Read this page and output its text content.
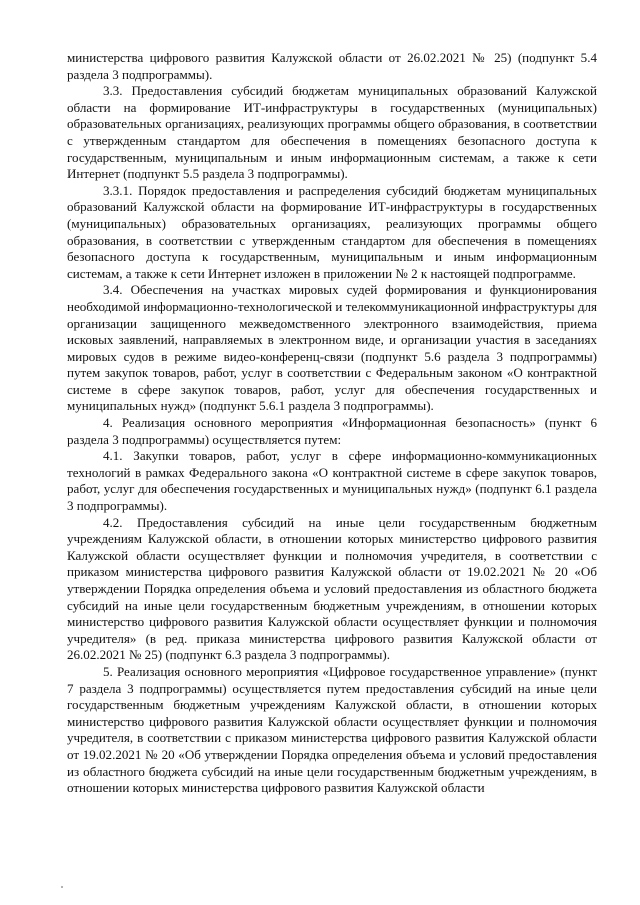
министерства цифрового развития Калужской области от 26.02.2021 № 25) (подпункт 5.4 раздела 3 подпрограммы).

3.3. Предоставления субсидий бюджетам муниципальных образований Калужской области на формирование ИТ-инфраструктуры в государственных (муниципальных) образовательных организациях, реализующих программы общего образования, в соответствии с утвержденным стандартом для обеспечения в помещениях безопасного доступа к государственным, муниципальным и иным информационным системам, а также к сети Интернет (подпункт 5.5 раздела 3 подпрограммы).

3.3.1. Порядок предоставления и распределения субсидий бюджетам муниципальных образований Калужской области на формирование ИТ-инфраструктуры в государственных (муниципальных) образовательных организациях, реализующих программы общего образования, в соответствии с утвержденным стандартом для обеспечения в помещениях безопасного доступа к государственным, муниципальным и иным информационным системам, а также к сети Интернет изложен в приложении № 2 к настоящей подпрограмме.

3.4. Обеспечения на участках мировых судей формирования и функционирования необходимой информационно-технологической и телекоммуникационной инфраструктуры для организации защищенного межведомственного электронного взаимодействия, приема исковых заявлений, направляемых в электронном виде, и организации участия в заседаниях мировых судов в режиме видео-конференц-связи (подпункт 5.6 раздела 3 подпрограммы) путем закупок товаров, работ, услуг в соответствии с Федеральным законом «О контрактной системе в сфере закупок товаров, работ, услуг для обеспечения государственных и муниципальных нужд» (подпункт 5.6.1 раздела 3 подпрограммы).

4. Реализация основного мероприятия «Информационная безопасность» (пункт 6 раздела 3 подпрограммы) осуществляется путем:

4.1. Закупки товаров, работ, услуг в сфере информационно-коммуникационных технологий в рамках Федерального закона «О контрактной системе в сфере закупок товаров, работ, услуг для обеспечения государственных и муниципальных нужд» (подпункт 6.1 раздела 3 подпрограммы).

4.2. Предоставления субсидий на иные цели государственным бюджетным учреждениям Калужской области, в отношении которых министерство цифрового развития Калужской области осуществляет функции и полномочия учредителя, в соответствии с приказом министерства цифрового развития Калужской области от 19.02.2021 № 20 «Об утверждении Порядка определения объема и условий предоставления из областного бюджета субсидий на иные цели государственным бюджетным учреждениям, в отношении которых министерство цифрового развития Калужской области осуществляет функции и полномочия учредителя» (в ред. приказа министерства цифрового развития Калужской области от 26.02.2021 № 25) (подпункт 6.3 раздела 3 подпрограммы).

5. Реализация основного мероприятия «Цифровое государственное управление» (пункт 7 раздела 3 подпрограммы) осуществляется путем предоставления субсидий на иные цели государственным бюджетным учреждениям Калужской области, в отношении которых министерство цифрового развития Калужской области осуществляет функции и полномочия учредителя, в соответствии с приказом министерства цифрового развития Калужской области от 19.02.2021 № 20 «Об утверждении Порядка определения объема и условий предоставления из областного бюджета субсидий на иные цели государственным бюджетным учреждениям, в отношении которых министерства цифрового развития Калужской области
